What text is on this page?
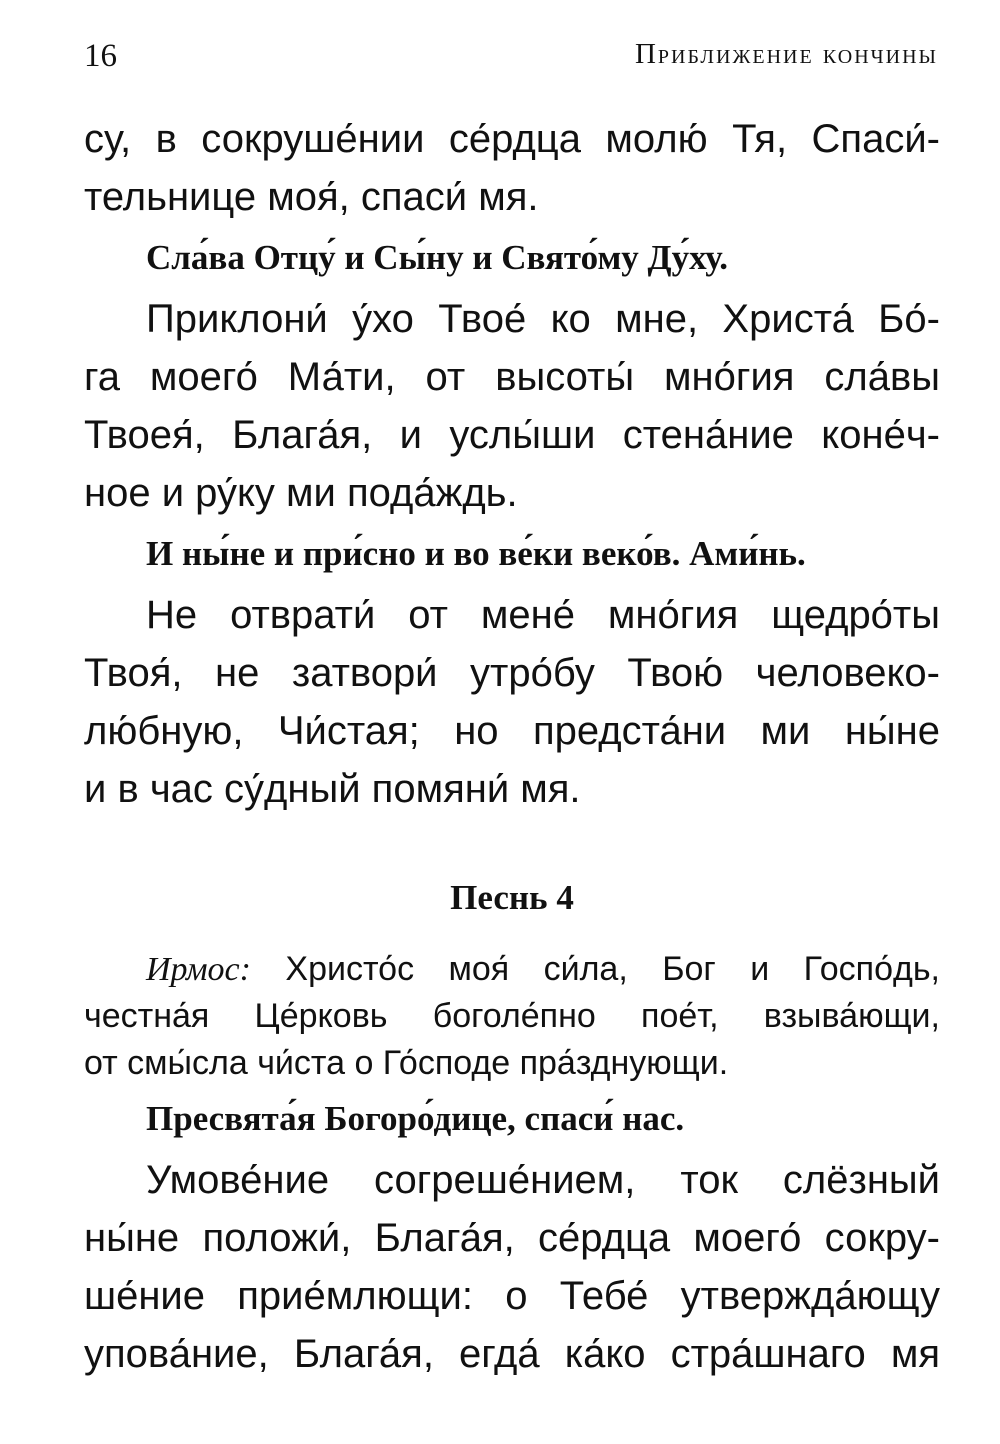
16	Приближение кончины

су, в сокруше́нии се́рдца молю́ Тя, Спаси́-
тельнице моя́, спаси́ мя.

Сла́ва Отцу́ и Сы́ну и Свято́му Ду́ху.

Приклони́ у́хо Твое́ ко мне, Христа́ Бо́-
га моего́ Ма́ти, от высоты́ мно́гия сла́вы
Твоея́, Блага́я, и услы́ши стена́ние коне́ч-
ное и ру́ку ми пода́ждь.

И ны́не и при́сно и во ве́ки веко́в. Ами́нь.

Не отврати́ от мене́ мно́гия щедро́ты
Твоя́, не затвори́ утро́бу Твою́ человеко-
лю́бную, Чи́стая; но предста́ни ми ны́не
и в час су́дный помяни́ мя.

Песнь 4

Ирмос: Христо́с моя́ си́ла, Бог и Госпо́дь,
честна́я Це́рковь боголе́пно пое́т, взыва́ющи,
от смы́сла чи́ста о Го́споде пра́зднующи.

Пресвята́я Богоро́дице, спаси́ нас.

Умове́ние согреше́нием, ток слёзный
ны́не положи́, Блага́я, се́рдца моего́ сокру-
ше́ние прие́млющи: о Тебе́ утвержда́ющу
упова́ние, Блага́я, егда́ ка́ко стра́шнаго мя
